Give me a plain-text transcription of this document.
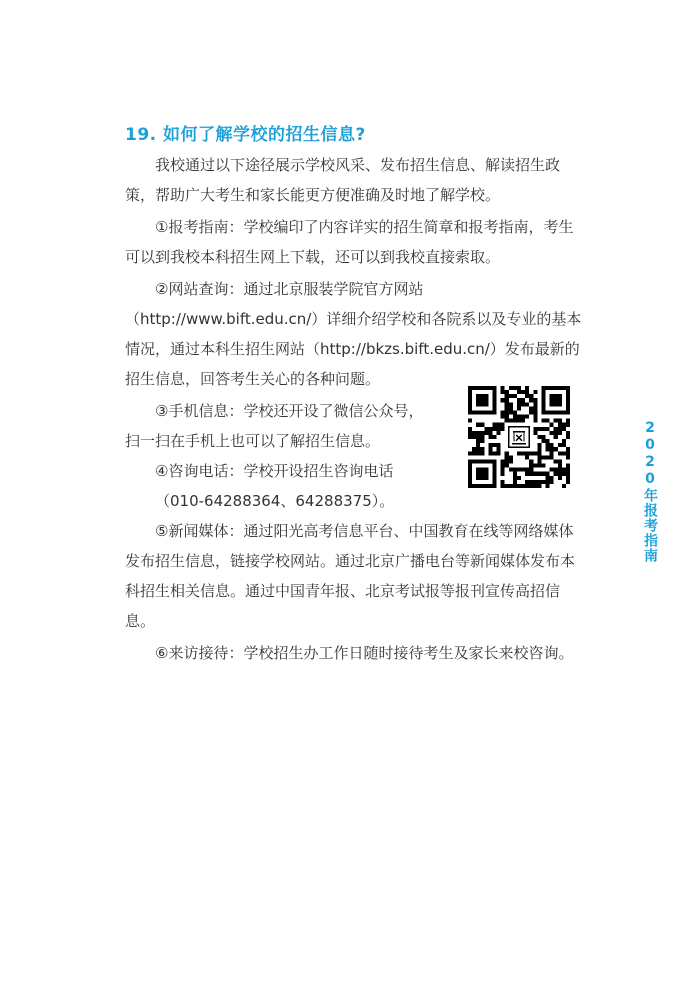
19. 如何了解学校的招生信息?

我校通过以下途径展示学校风采、发布招生信息、解读招生政策，帮助广大考生和家长能更方便准确及时地了解学校。

①报考指南：学校编印了内容详实的招生简章和报考指南，考生可以到我校本科招生网上下载，还可以到我校直接索取。

②网站查询：通过北京服装学院官方网站（http://www.bift.edu.cn/）详细介绍学校和各院系以及专业的基本情况，通过本科生招生网站（http://bkzs.bift.edu.cn/）发布最新的招生信息，回答考生关心的各种问题。

③手机信息：学校还开设了微信公众号，
扫一扫在手机上也可以了解招生信息。
④咨询电话：学校开设招生咨询电话
（010-64288364、64288375）。

⑤新闻媒体：通过阳光高考信息平台、中国教育在线等网络媒体发布招生信息，链接学校网站。通过北京广播电台等新闻媒体发布本科招生相关信息。通过中国青年报、北京考试报等报刊宣传高招信息。

⑥来访接待：学校招生办工作日随时接待考生及家长来校咨询。

2020年报考指南
